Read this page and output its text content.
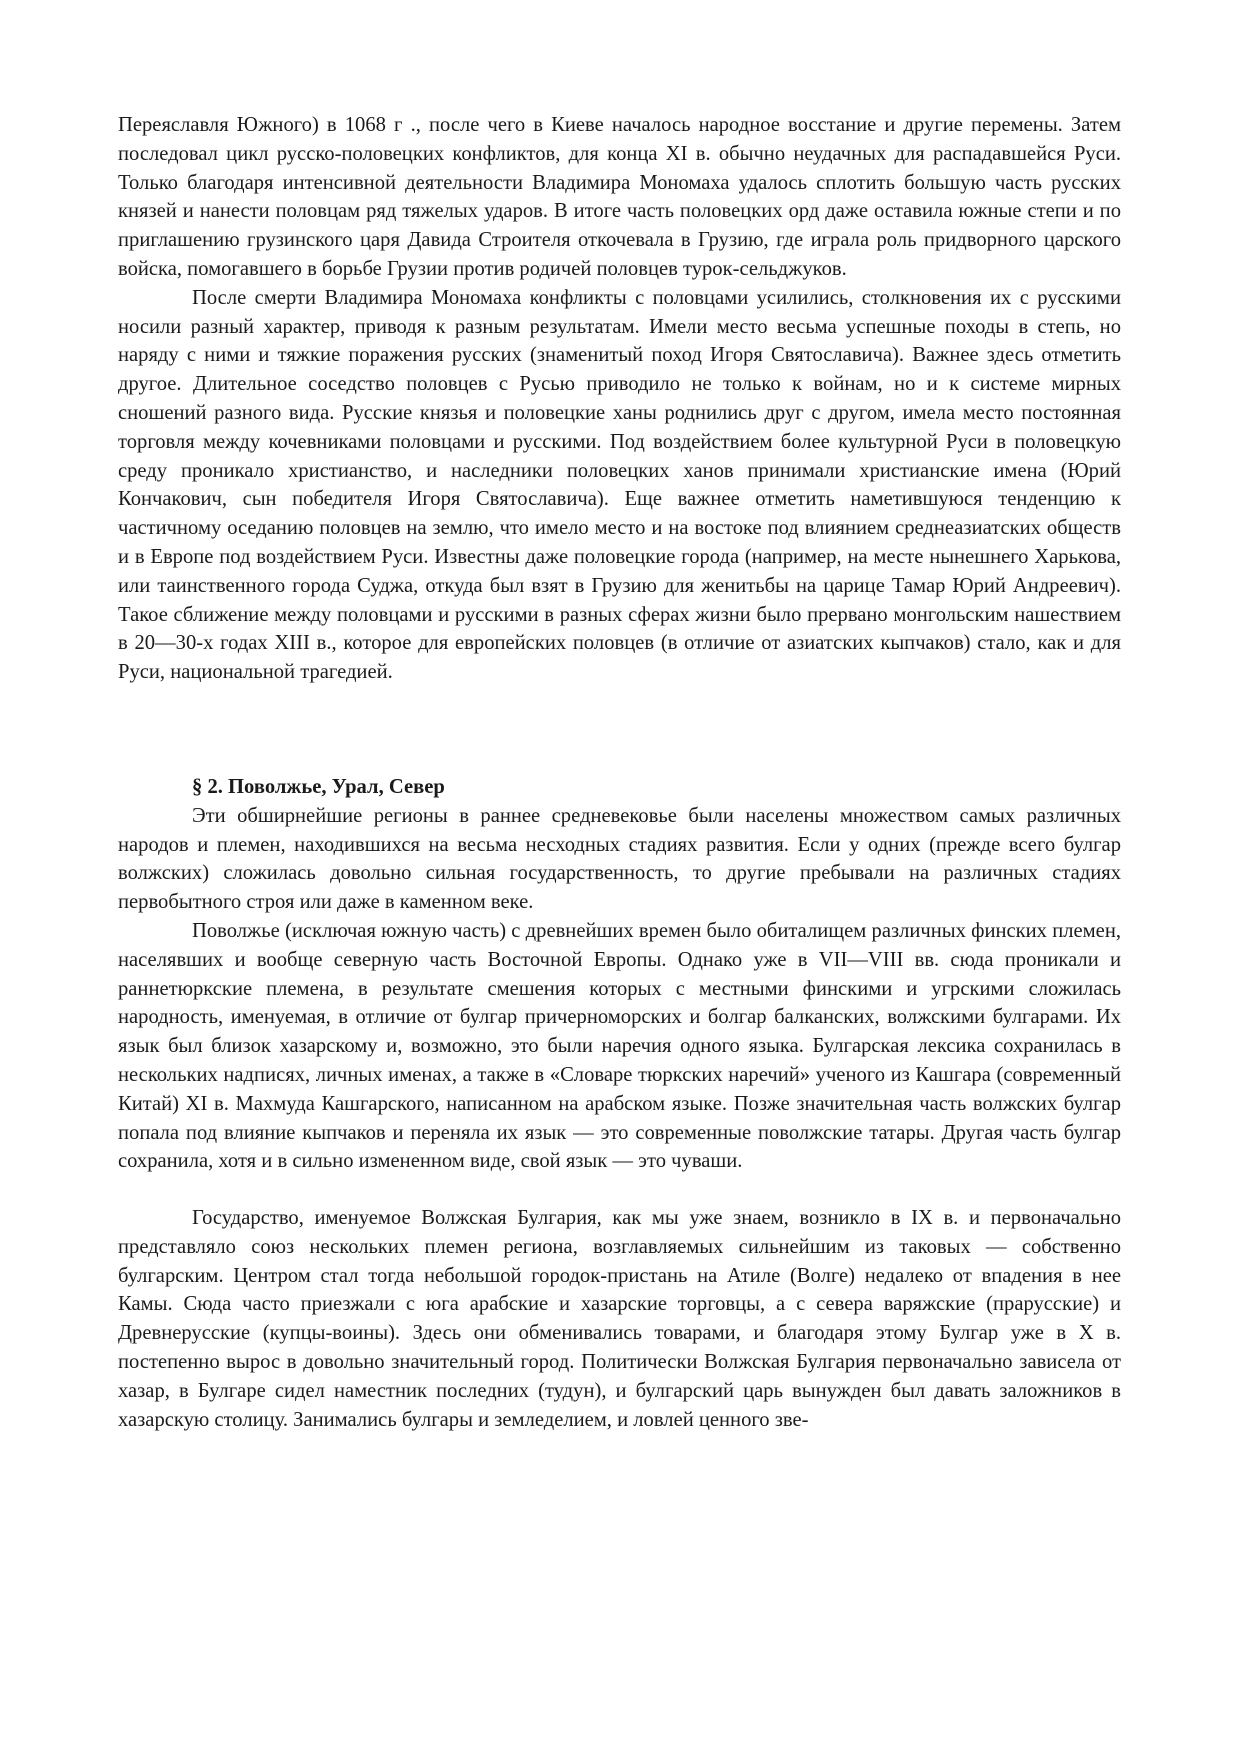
Переяславля Южного) в 1068 г ., после чего в Киеве началось народное восстание и другие перемены. Затем последовал цикл русско-половецких конфликтов, для конца XI в. обычно неудачных для распадавшейся Руси. Только благодаря интенсивной деятельности Владимира Мономаха удалось сплотить большую часть русских князей и нанести половцам ряд тяжелых ударов. В итоге часть половецких орд даже оставила южные степи и по приглашению грузинского царя Давида Строителя откочевала в Грузию, где играла роль придворного царского войска, помогавшего в борьбе Грузии против родичей половцев турок-сельджуков.

После смерти Владимира Мономаха конфликты с половцами усилились, столкновения их с русскими носили разный характер, приводя к разным результатам. Имели место весьма успешные походы в степь, но наряду с ними и тяжкие поражения русских (знаменитый поход Игоря Святославича). Важнее здесь отметить другое. Длительное соседство половцев с Русью приводило не только к войнам, но и к системе мирных сношений разного вида. Русские князья и половецкие ханы роднились друг с другом, имела место постоянная торговля между кочевниками половцами и русскими. Под воздействием более культурной Руси в половецкую среду проникало христианство, и наследники половецких ханов принимали христианские имена (Юрий Кончакович, сын победителя Игоря Святославича). Еще важнее отметить наметившуюся тенденцию к частичному оседанию половцев на землю, что имело место и на востоке под влиянием среднеазиатских обществ и в Европе под воздействием Руси. Известны даже половецкие города (например, на месте нынешнего Харькова, или таинственного города Суджа, откуда был взят в Грузию для женитьбы на царице Тамар Юрий Андреевич). Такое сближение между половцами и русскими в разных сферах жизни было прервано монгольским нашествием в 20—30-х годах XIII в., которое для европейских половцев (в отличие от азиатских кыпчаков) стало, как и для Руси, национальной трагедией.

§ 2. Поволжье, Урал, Север

Эти обширнейшие регионы в раннее средневековье были населены множеством самых различных народов и племен, находившихся на весьма несходных стадиях развития. Если у одних (прежде всего булгар волжских) сложилась довольно сильная государственность, то другие пребывали на различных стадиях первобытного строя или даже в каменном веке.

Поволжье (исключая южную часть) с древнейших времен было обиталищем различных финских племен, населявших и вообще северную часть Восточной Европы. Однако уже в VII—VIII вв. сюда проникали и раннетюркские племена, в результате смешения которых с местными финскими и угрскими сложилась народность, именуемая, в отличие от булгар причерноморских и болгар балканских, волжскими булгарами. Их язык был близок хазарскому и, возможно, это были наречия одного языка. Булгарская лексика сохранилась в нескольких надписях, личных именах, а также в «Словаре тюркских наречий» ученого из Кашгара (современный Китай) XI в. Махмуда Кашгарского, написанном на арабском языке. Позже значительная часть волжских булгар попала под влияние кыпчаков и переняла их язык — это современные поволжские татары. Другая часть булгар сохранила, хотя и в сильно измененном виде, свой язык — это чуваши.

Государство, именуемое Волжская Булгария, как мы уже знаем, возникло в IX в. и первоначально представляло союз нескольких племен региона, возглавляемых сильнейшим из таковых — собственно булгарским. Центром стал тогда небольшой городок-пристань на Атиле (Волге) недалеко от впадения в нее Камы. Сюда часто приезжали с юга арабские и хазарские торговцы, а с севера варяжские (прарусские) и Древнерусские (купцы-воины). Здесь они обменивались товарами, и благодаря этому Булгар уже в X в. постепенно вырос в довольно значительный город. Политически Волжская Булгария первоначально зависела от хазар, в Булгаре сидел наместник последних (тудун), и булгарский царь вынужден был давать заложников в хазарскую столицу. Занимались булгары и земледелием, и ловлей ценного зве-
